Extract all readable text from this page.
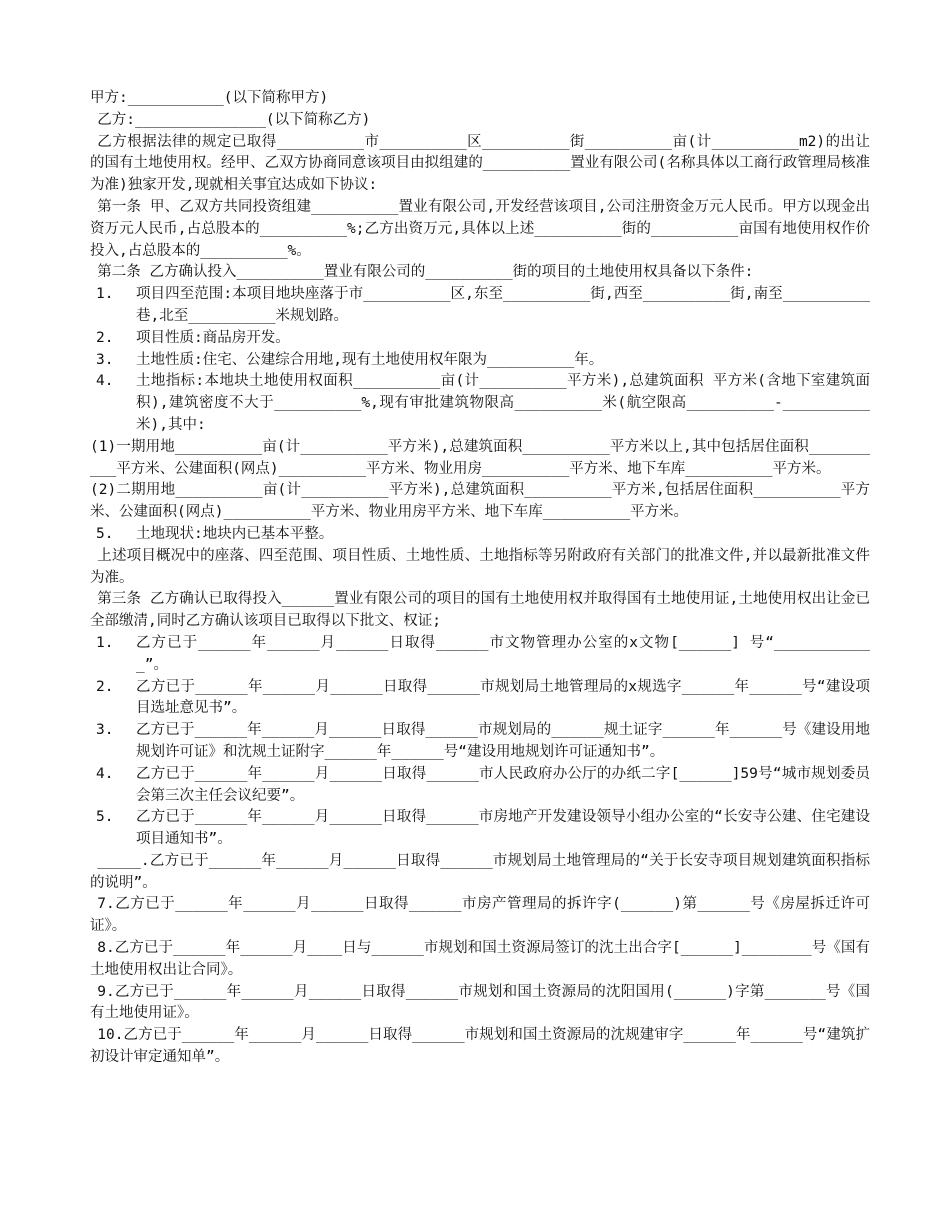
甲方:___________(以下简称甲方)

乙方:_______________(以下简称乙方)

乙方根据法律的规定已取得__________市__________区__________街__________亩(计__________m2)的出让的国有土地使用权。经甲、乙双方协商同意该项目由拟组建的__________置业有限公司(名称具体以工商行政管理局核准为准)独家开发,现就相关事宜达成如下协议:

第一条 甲、乙双方共同投资组建__________置业有限公司,开发经营该项目,公司注册资金万元人民币。甲方以现金出资万元人民币,占总股本的__________%;乙方出资万元,具体以上述__________街的__________亩国有地使用权作价投入,占总股本的__________%。

第二条 乙方确认投入__________置业有限公司的__________街的项目的土地使用权具备以下条件:

1.	项目四至范围:本项目地块座落于市__________区,东至__________街,西至__________街,南至__________巷,北至__________米规划路。
2.	项目性质:商品房开发。
3.	土地性质:住宅、公建综合用地,现有土地使用权年限为__________年。
4.	土地指标:本地块土地使用权面积__________亩(计__________平方米),总建筑面积 平方米(含地下室建筑面积),建筑密度不大于__________%,现有审批建筑物限高__________米(航空限高__________-__________米),其中:

(1)一期用地__________亩(计__________平方米),总建筑面积__________平方米以上,其中包括居住面积__________平方米、公建面积(网点)__________平方米、物业用房__________平方米、地下车库__________平方米。

(2)二期用地__________亩(计__________平方米),总建筑面积__________平方米,包括居住面积__________平方米、公建面积(网点)__________平方米、物业用房平方米、地下车库__________平方米。

5.	土地现状:地块内已基本平整。

上述项目概况中的座落、四至范围、项目性质、土地性质、土地指标等另附政府有关部门的批准文件,并以最新批准文件为准。

第三条 乙方确认已取得投入______置业有限公司的项目的国有土地使用权并取得国有土地使用证,土地使用权出让金已全部缴清,同时乙方确认该项目已取得以下批文、权证;

1.	乙方已于______年______月______日取得______市文物管理办公室的x文物[______] 号“____________”。
2.	乙方已于______年______月______日取得______市规划局土地管理局的x规选字______年______号“建设项目选址意见书”。
3.	乙方已于______年______月______日取得______市规划局的______规土证字______年______号《建设用地规划许可证》和沈规土证附字______年______号“建设用地规划许可证通知书”。
4.	乙方已于______年______月______日取得______市人民政府办公厅的办纸二字[______]59号“城市规划委员会第三次主任会议纪要”。
5.	乙方已于______年______月______日取得______市房地产开发建设领导小组办公室的“长安寺公建、住宅建设项目通知书”。

_____.乙方已于______年______月______日取得______市规划局土地管理局的“关于长安寺项目规划建筑面积指标的说明”。

7.乙方已于______年______月______日取得______市房产管理局的拆许字(______)第______号《房屋拆迁许可证》。

8.乙方已于______年______月____日与______市规划和国土资源局签订的沈土出合字[______]________号《国有土地使用权出让合同》。

9.乙方已于______年______月______日取得______市规划和国土资源局的沈阳国用(______)字第_______号《国有土地使用证》。

10.乙方已于______年______月______日取得______市规划和国土资源局的沈规建审字______年______号“建筑扩初设计审定通知单”。
